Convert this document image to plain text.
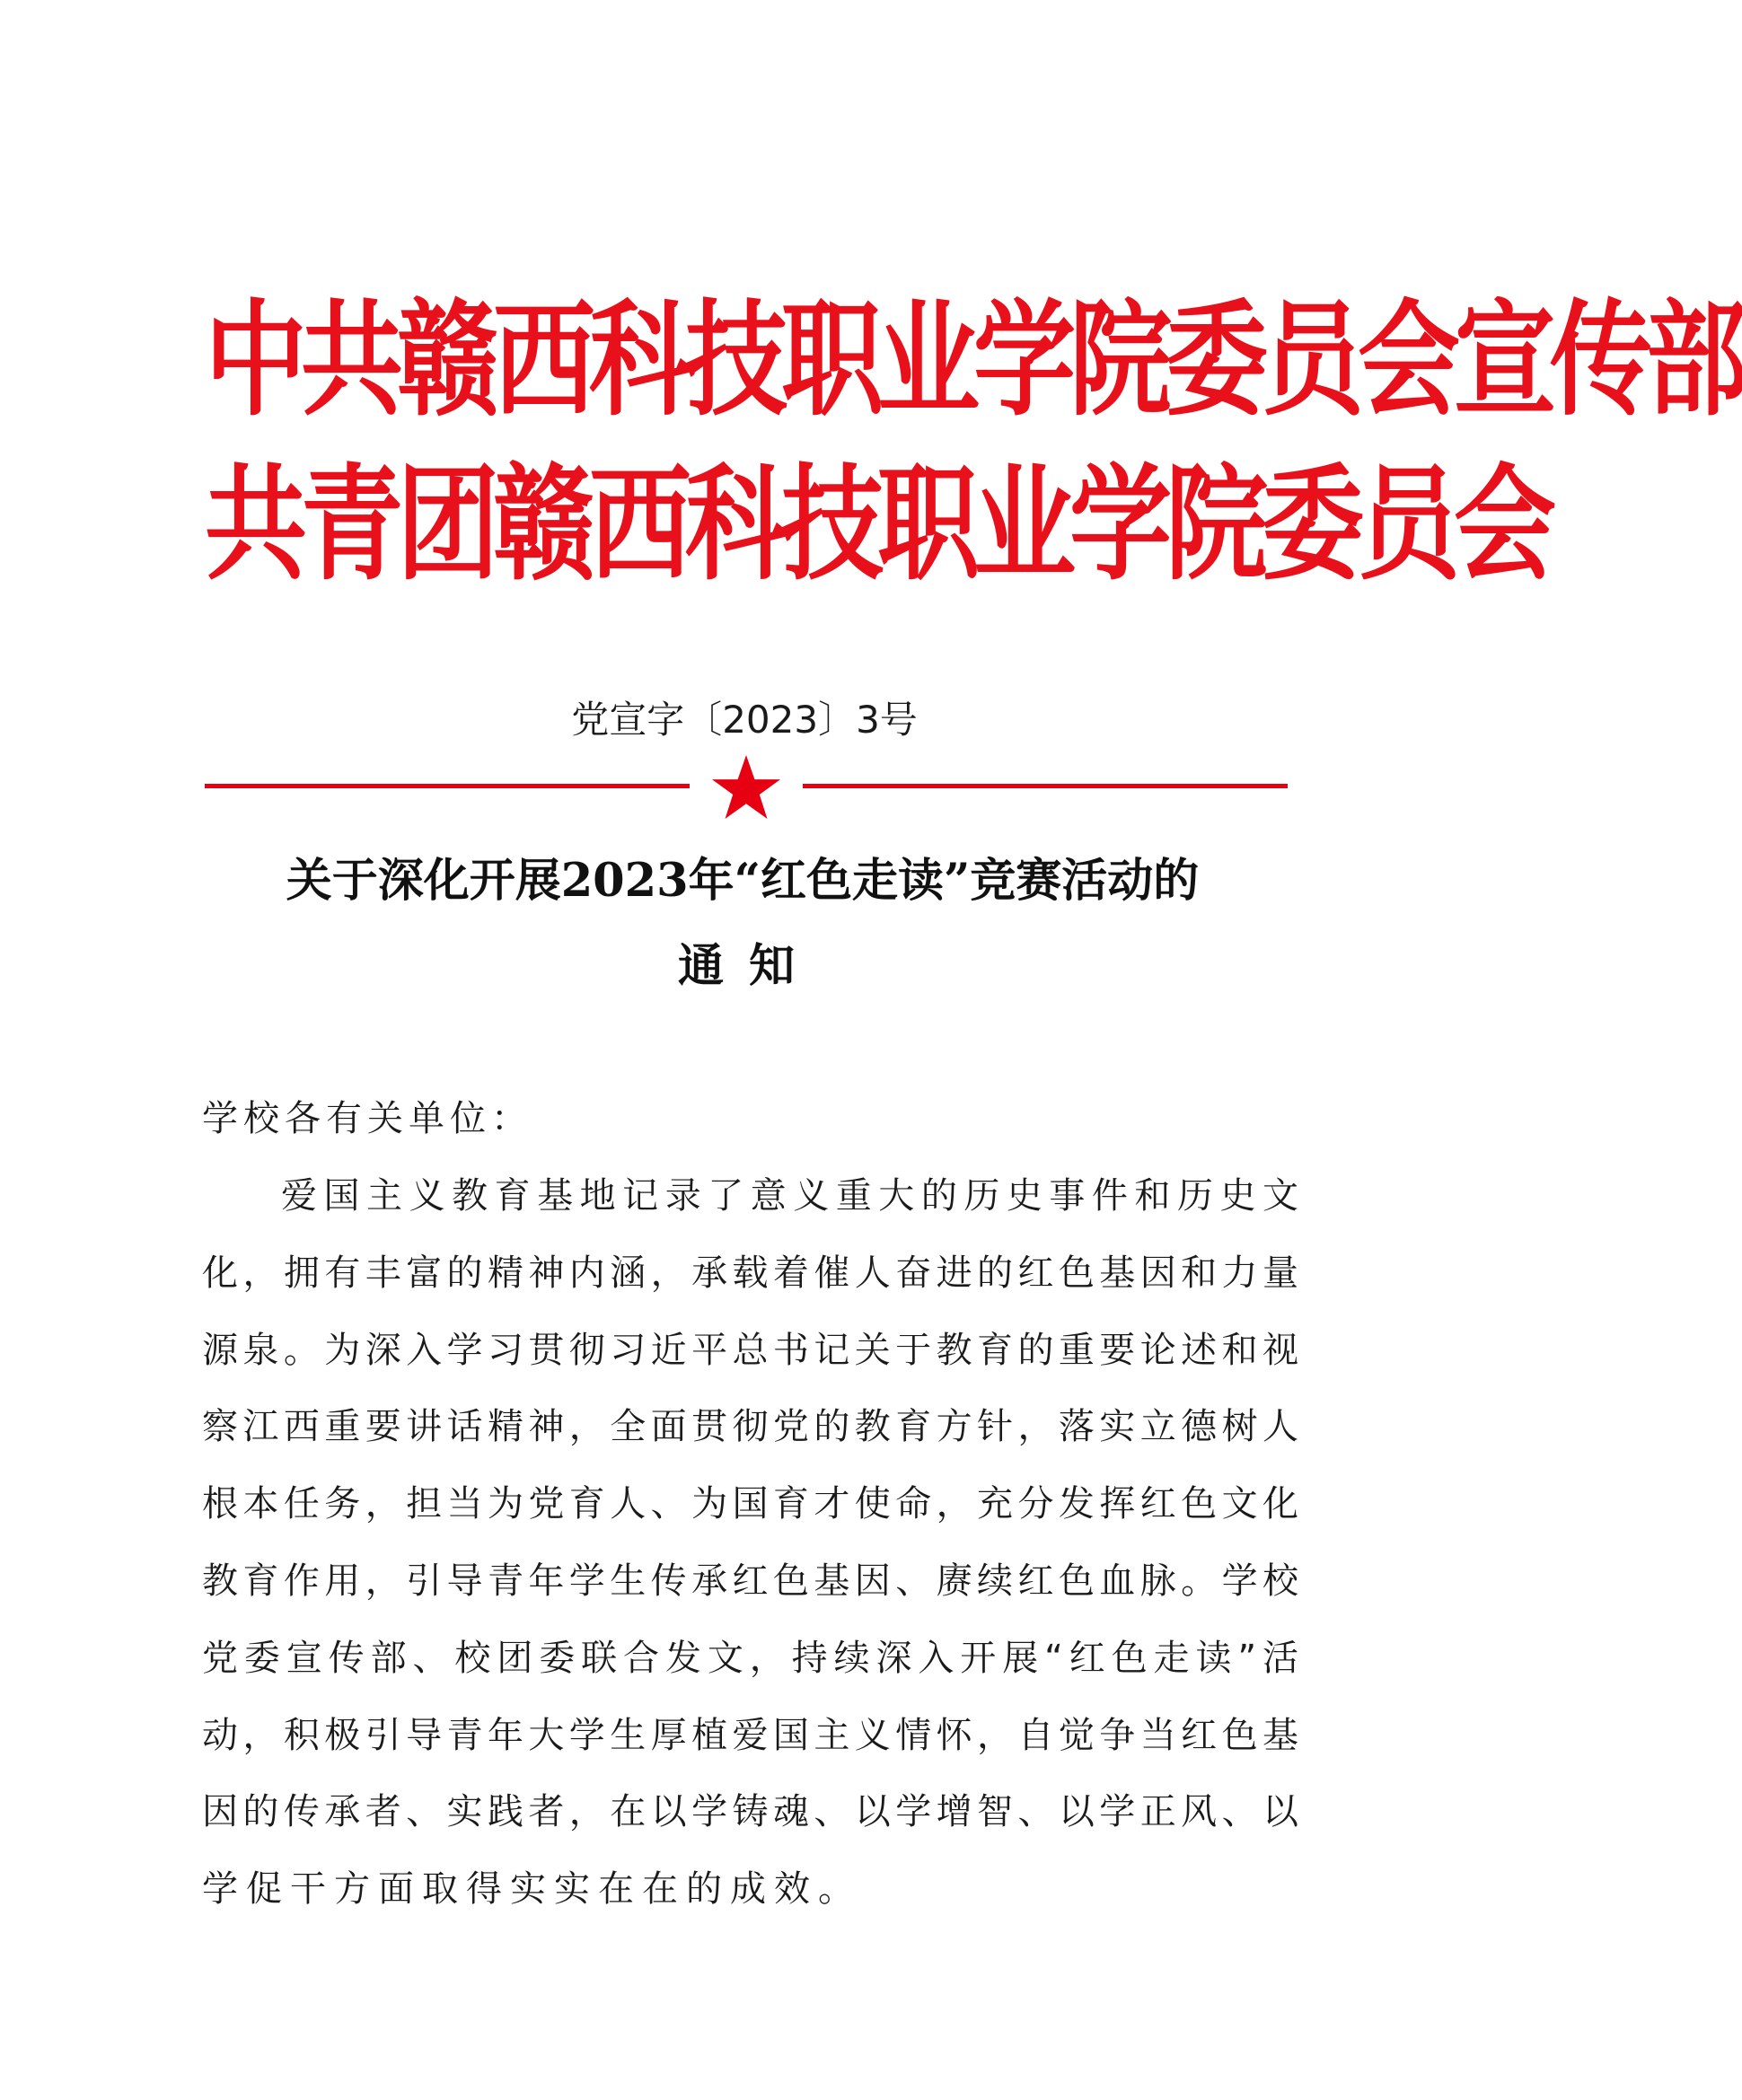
中共赣西科技职业学院委员会宣传部
共青团赣西科技职业学院委员会
党宣字〔2023〕3号
关于深化开展2023年“红色走读”竞赛活动的
通知
学校各有关单位：
爱国主义教育基地记录了意义重大的历史事件和历史文
化，拥有丰富的精神内涵，承载着催人奋进的红色基因和力量
源泉。为深入学习贯彻习近平总书记关于教育的重要论述和视
察江西重要讲话精神，全面贯彻党的教育方针，落实立德树人
根本任务，担当为党育人、为国育才使命，充分发挥红色文化
教育作用，引导青年学生传承红色基因、赓续红色血脉。学校
党委宣传部、校团委联合发文，持续深入开展“红色走读”活
动，积极引导青年大学生厚植爱国主义情怀，自觉争当红色基
因的传承者、实践者，在以学铸魂、以学增智、以学正风、以
学促干方面取得实实在在的成效。
